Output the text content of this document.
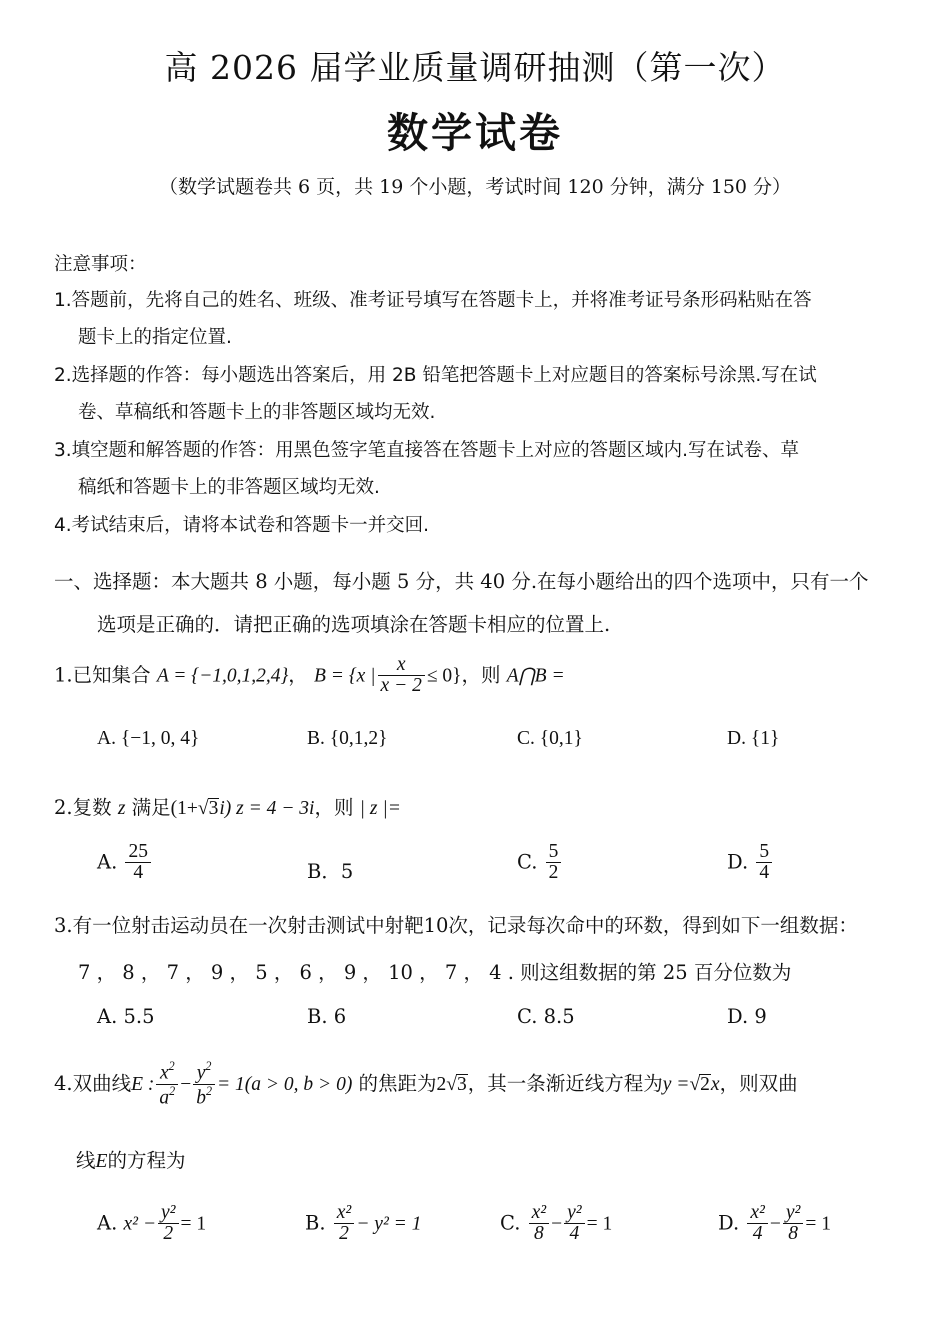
高 2026 届学业质量调研抽测（第一次）
数学试卷
（数学试题卷共 6 页，共 19 个小题，考试时间 120 分钟，满分 150 分）
注意事项：
1.答题前，先将自己的姓名、班级、准考证号填写在答题卡上，并将准考证号条形码粘贴在答
题卡上的指定位置.
2.选择题的作答：每小题选出答案后，用 2B 铅笔把答题卡上对应题目的答案标号涂黑.写在试
卷、草稿纸和答题卡上的非答题区域均无效.
3.填空题和解答题的作答：用黑色签字笔直接答在答题卡上对应的答题区域内.写在试卷、草
稿纸和答题卡上的非答题区域均无效.
4.考试结束后，请将本试卷和答题卡一并交回.
一、选择题：本大题共 8 小题，每小题 5 分，共 40 分.在每小题给出的四个选项中，只有一个
选项是正确的．请把正确的选项填涂在答题卡相应的位置上.
1.已知集合 A = {−1,0,1,2,4}， B = {x | $\frac{x}{x - 2} \le 0$}，则 A⋂B =
A. {−1, 0, 4}	B. {0,1,2}	C. {0,1}	D. {1}
2.复数 z 满足(1+√3i) z = 4 − 3i，则 | z |=
A. $\frac{25}{4}$	B．5	C. $\frac{5}{2}$	D. $\frac{5}{4}$
3.有一位射击运动员在一次射击测试中射靶10次，记录每次命中的环数，得到如下一组数据：
7 ， 8 ， 7 ， 9 ， 5 ， 6 ， 9 ， 10 ， 7 ， 4 . 则这组数据的第 25 百分位数为
A. 5.5	B. 6	C. 8.5	D. 9
4.双曲线E : $\frac{x^2}{a^2} - \frac{y^2}{b^2} = 1(a > 0$, b > 0) 的焦距为2√3，其一条渐近线方程为y =√2x，则双曲
线E的方程为
A. $x^2 - \frac{\text{y²}}{2} = 1$	B. $\frac{\text{x²}}{2} - y^2 = 1$	C. $\frac{\text{x²}}{8} - \frac{\text{y²}}{4} = 1$	D. $\frac{\text{x²}}{4} - \frac{\text{y²}}{8} = 1$
